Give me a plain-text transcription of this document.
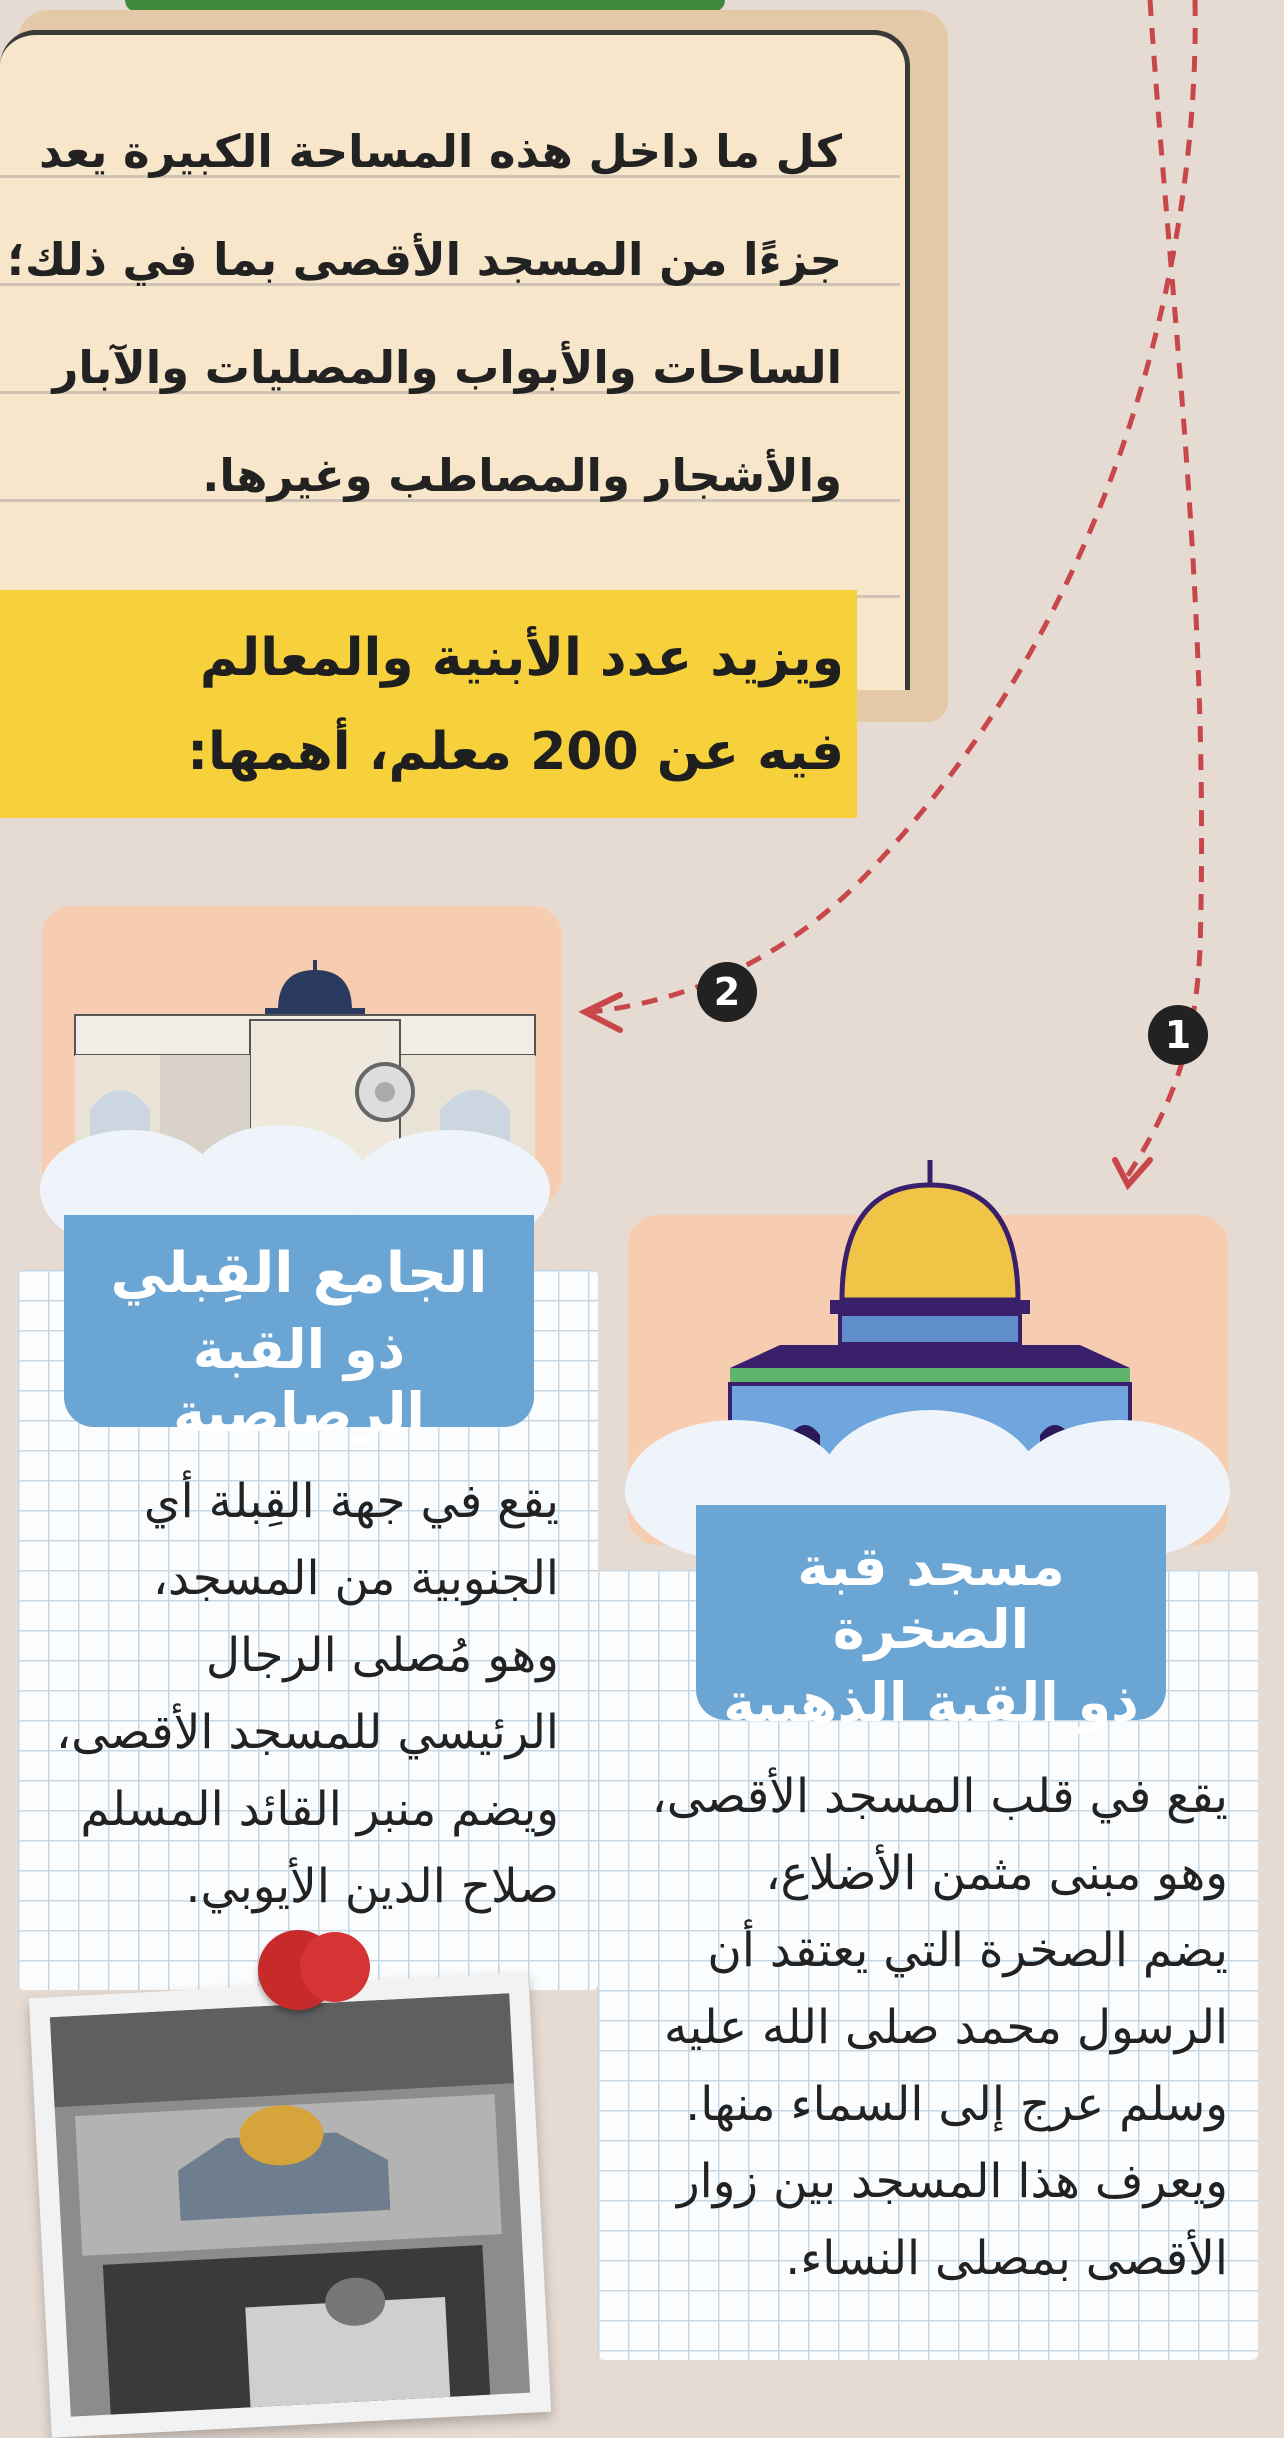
كل ما داخل هذه المساحة الكبيرة يعد
جزءًا من المسجد الأقصى بما في ذلك؛
الساحات والأبواب والمصليات والآبار
والأشجار والمصاطب وغيرها.
ويزيد عدد الأبنية والمعالم
فيه عن 200 معلم، أهمها:
2
1
الجامع القِبلي
ذو القبة الرصاصية
يقع في جهة القِبلة أي
الجنوبية من المسجد،
وهو مُصلى الرجال
الرئيسي للمسجد الأقصى،
ويضم منبر القائد المسلم
صلاح الدين الأيوبي.
مسجد قبة الصخرة
ذو القبة الذهبية
يقع في قلب المسجد الأقصى،
وهو مبنى مثمن الأضلاع،
يضم الصخرة التي يعتقد أن
الرسول محمد صلى الله عليه
وسلم عرج إلى السماء منها.
ويعرف هذا المسجد بين زوار
الأقصى بمصلى النساء.
